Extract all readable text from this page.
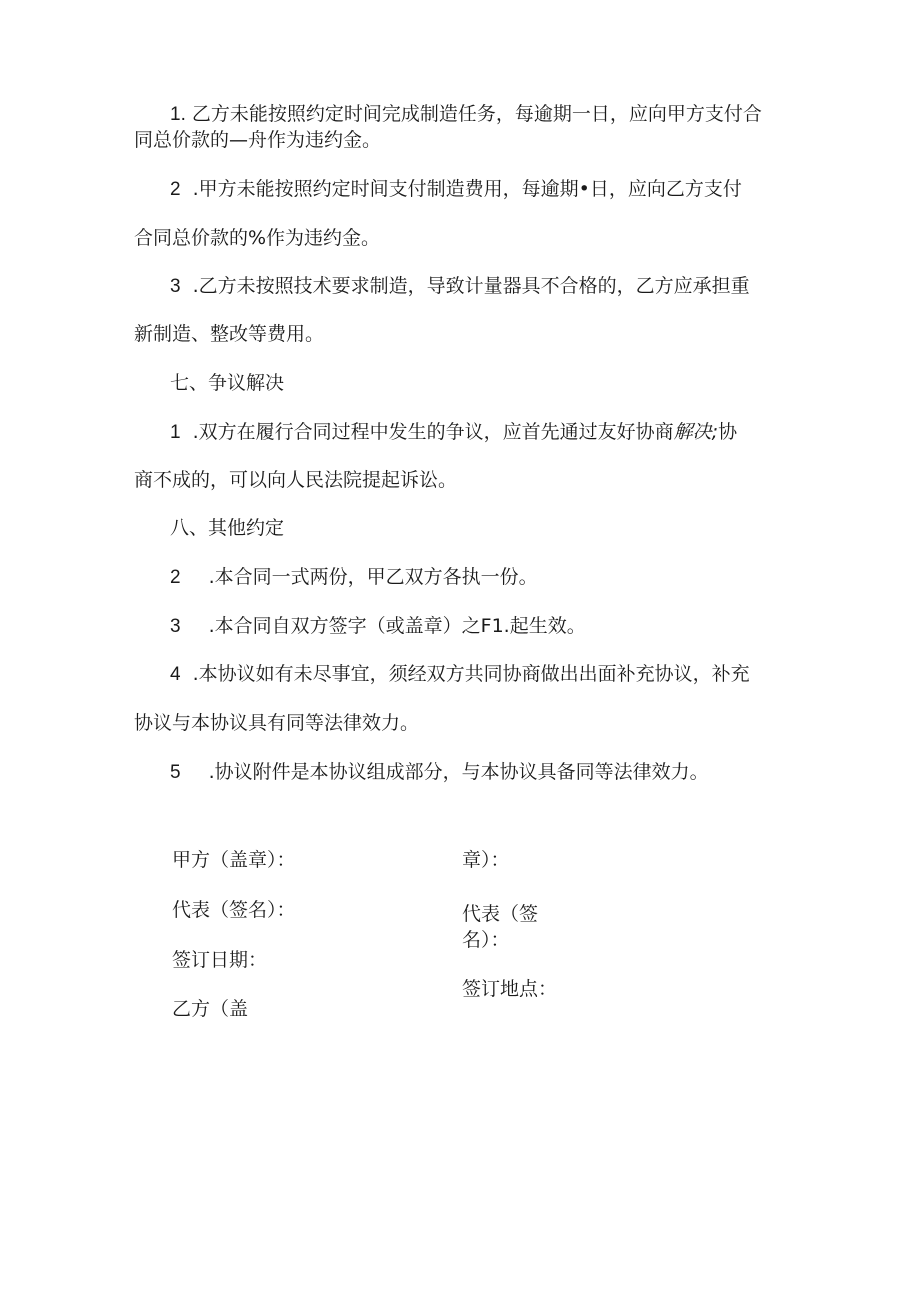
1. 乙方未能按照约定时间完成制造任务，每逾期一日，应向甲方支付合
同总价款的—舟作为违约金。
2 .甲方未能按照约定时间支付制造费用，每逾期•日，应向乙方支付
合同总价款的%作为违约金。
3 .乙方未按照技术要求制造，导致计量器具不合格的，乙方应承担重
新制造、整改等费用。
七、争议解决
1 .双方在履行合同过程中发生的争议，应首先通过友好协商解决;协
商不成的，可以向人民法院提起诉讼。
八、其他约定
2 .本合同一式两份，甲乙双方各执一份。
3 .本合同自双方签字（或盖章）之F1.起生效。
4 .本协议如有未尽事宜，须经双方共同协商做出出面补充协议，补充
协议与本协议具有同等法律效力。
5 .协议附件是本协议组成部分，与本协议具备同等法律效力。
甲方（盖章）：
代表（签名）：
签订日期：
乙方（盖
章）：
代表（签
名）：
签订地点：
